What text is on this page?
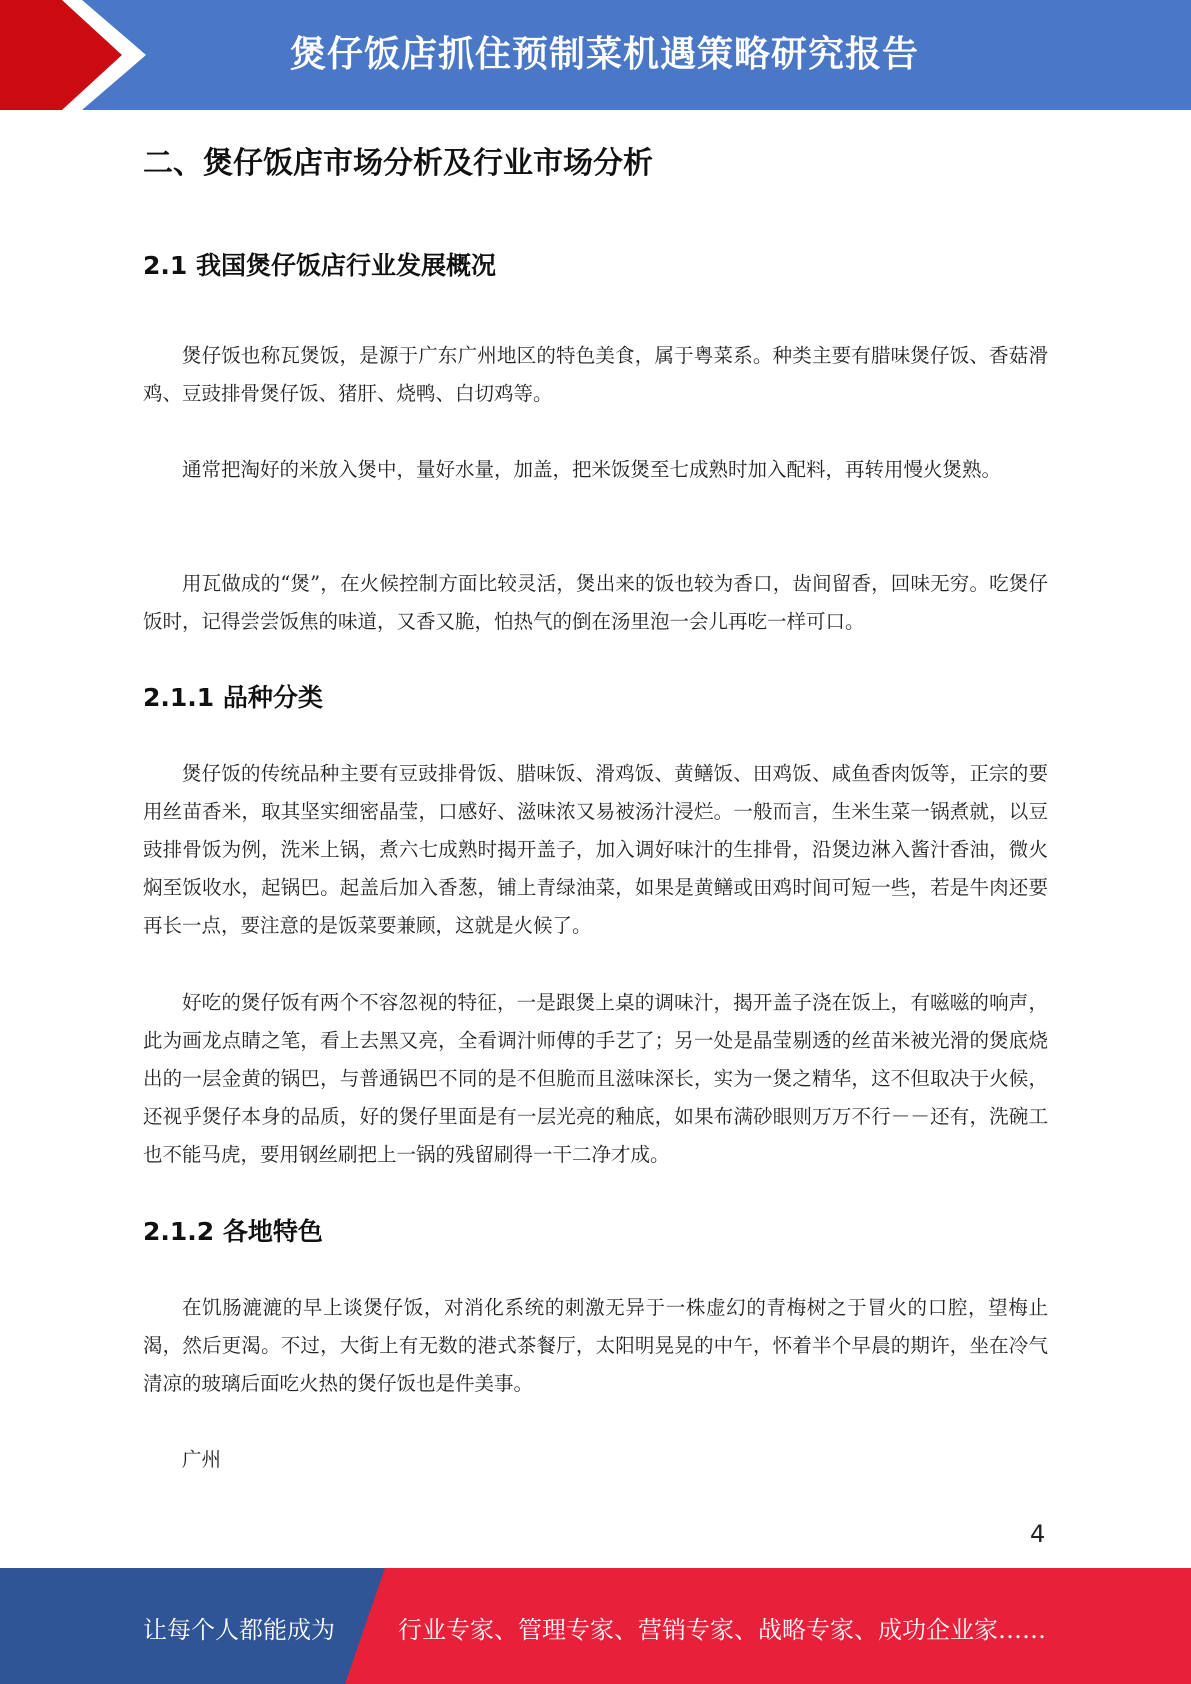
煲仔饭店抓住预制菜机遇策略研究报告
二、煲仔饭店市场分析及行业市场分析
2.1 我国煲仔饭店行业发展概况

煲仔饭也称瓦煲饭，是源于广东广州地区的特色美食，属于粤菜系。种类主要有腊味煲仔饭、香菇滑鸡、豆豉排骨煲仔饭、猪肝、烧鸭、白切鸡等。

通常把淘好的米放入煲中，量好水量，加盖，把米饭煲至七成熟时加入配料，再转用慢火煲熟。

用瓦做成的“煲”，在火候控制方面比较灵活，煲出来的饭也较为香口，齿间留香，回味无穷。吃煲仔饭时，记得尝尝饭焦的味道，又香又脆，怕热气的倒在汤里泡一会儿再吃一样可口。

2.1.1 品种分类

煲仔饭的传统品种主要有豆豉排骨饭、腊味饭、滑鸡饭、黄鳝饭、田鸡饭、咸鱼香肉饭等，正宗的要用丝苗香米，取其坚实细密晶莹，口感好、滋味浓又易被汤汁浸烂。一般而言，生米生菜一锅煮就，以豆豉排骨饭为例，洗米上锅，煮六七成熟时揭开盖子，加入调好味汁的生排骨，沿煲边淋入酱汁香油，微火焖至饭收水，起锅巴。起盖后加入香葱，铺上青绿油菜，如果是黄鳝或田鸡时间可短一些，若是牛肉还要再长一点，要注意的是饭菜要兼顾，这就是火候了。

好吃的煲仔饭有两个不容忽视的特征，一是跟煲上桌的调味汁，揭开盖子浇在饭上，有嗞嗞的响声，此为画龙点睛之笔，看上去黑又亮，全看调汁师傅的手艺了；另一处是晶莹剔透的丝苗米被光滑的煲底烧出的一层金黄的锅巴，与普通锅巴不同的是不但脆而且滋味深长，实为一煲之精华，这不但取决于火候，还视乎煲仔本身的品质，好的煲仔里面是有一层光亮的釉底，如果布满砂眼则万万不行－－还有，洗碗工也不能马虎，要用钢丝刷把上一锅的残留刷得一干二净才成。

2.1.2 各地特色

在饥肠漉漉的早上谈煲仔饭，对消化系统的刺激无异于一株虚幻的青梅树之于冒火的口腔，望梅止渴，然后更渴。不过，大街上有无数的港式茶餐厅，太阳明晃晃的中午，怀着半个早晨的期许，坐在冷气清凉的玻璃后面吃火热的煲仔饭也是件美事。

广州

4
让每个人都能成为	行业专家、管理专家、营销专家、战略专家、成功企业家……
